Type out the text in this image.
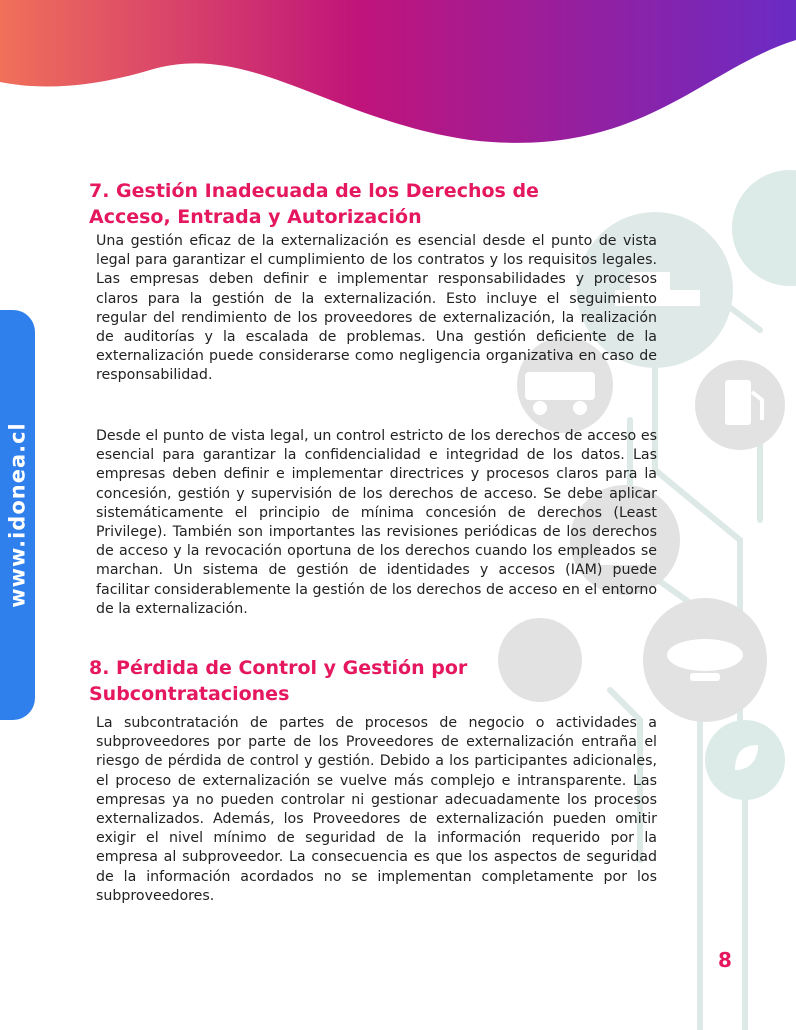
www.idonea.cl
7. Gestión Inadecuada de los Derechos de Acceso, Entrada y Autorización

Una gestión eficaz de la externalización es esencial desde el punto de vista legal para garantizar el cumplimiento de los contratos y los requisitos legales. Las empresas deben definir e implementar responsabilidades y procesos claros para la gestión de la externalización. Esto incluye el seguimiento regular del rendimiento de los proveedores de externalización, la realización de auditorías y la escalada de problemas. Una gestión deficiente de la externalización puede considerarse como negligencia organizativa en caso de responsabilidad.

Desde el punto de vista legal, un control estricto de los derechos de acceso es esencial para garantizar la confidencialidad e integridad de los datos. Las empresas deben definir e implementar directrices y procesos claros para la concesión, gestión y supervisión de los derechos de acceso. Se debe aplicar sistemáticamente el principio de mínima concesión de derechos (Least Privilege). También son importantes las revisiones periódicas de los derechos de acceso y la revocación oportuna de los derechos cuando los empleados se marchan. Un sistema de gestión de identidades y accesos (IAM) puede facilitar considerablemente la gestión de los derechos de acceso en el entorno de la externalización.

8. Pérdida de Control y Gestión por Subcontrataciones

La subcontratación de partes de procesos de negocio o actividades a subproveedores por parte de los Proveedores de externalización entraña el riesgo de pérdida de control y gestión. Debido a los participantes adicionales, el proceso de externalización se vuelve más complejo e intransparente. Las empresas ya no pueden controlar ni gestionar adecuadamente los procesos externalizados. Además, los Proveedores de externalización pueden omitir exigir el nivel mínimo de seguridad de la información requerido por la empresa al subproveedor. La consecuencia es que los aspectos de seguridad de la información acordados no se implementan completamente por los subproveedores.

8
